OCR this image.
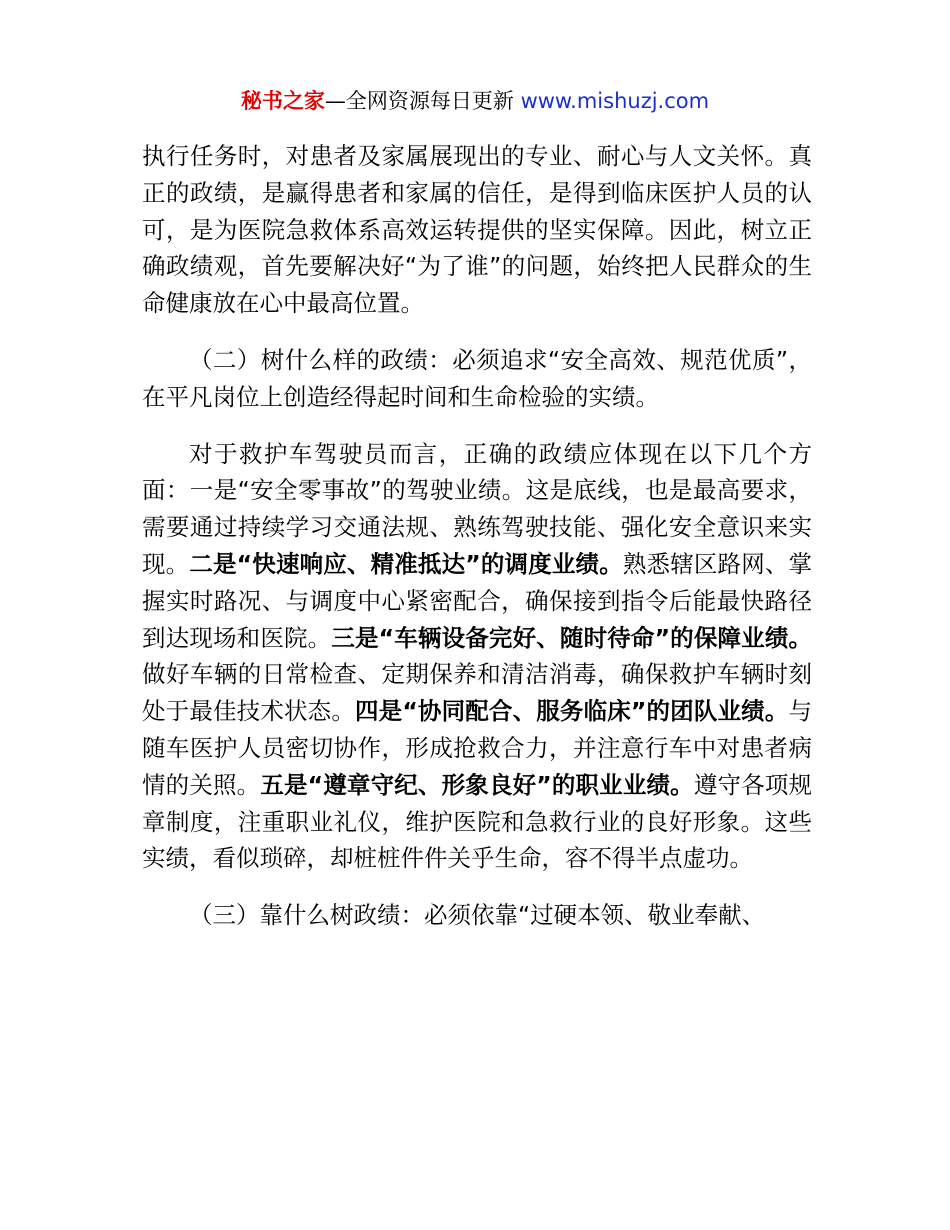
秘书之家—全网资源每日更新 www.mishuzj.com

执行任务时，对患者及家属展现出的专业、耐心与人文关怀。真正的政绩，是赢得患者和家属的信任，是得到临床医护人员的认可，是为医院急救体系高效运转提供的坚实保障。因此，树立正确政绩观，首先要解决好“为了谁”的问题，始终把人民群众的生命健康放在心中最高位置。

（二）树什么样的政绩：必须追求“安全高效、规范优质”，在平凡岗位上创造经得起时间和生命检验的实绩。

对于救护车驾驶员而言，正确的政绩应体现在以下几个方面：一是“安全零事故”的驾驶业绩。这是底线，也是最高要求，需要通过持续学习交通法规、熟练驾驶技能、强化安全意识来实现。二是“快速响应、精准抵达”的调度业绩。熟悉辖区路网、掌握实时路况、与调度中心紧密配合，确保接到指令后能最快路径到达现场和医院。三是“车辆设备完好、随时待命”的保障业绩。做好车辆的日常检查、定期保养和清洁消毒，确保救护车辆时刻处于最佳技术状态。四是“协同配合、服务临床”的团队业绩。与随车医护人员密切协作，形成抢救合力，并注意行车中对患者病情的关照。五是“遵章守纪、形象良好”的职业业绩。遵守各项规章制度，注重职业礼仪，维护医院和急救行业的良好形象。这些实绩，看似琐碎，却桩桩件件关乎生命，容不得半点虚功。

（三）靠什么树政绩：必须依靠“过硬本领、敬业奉献、
